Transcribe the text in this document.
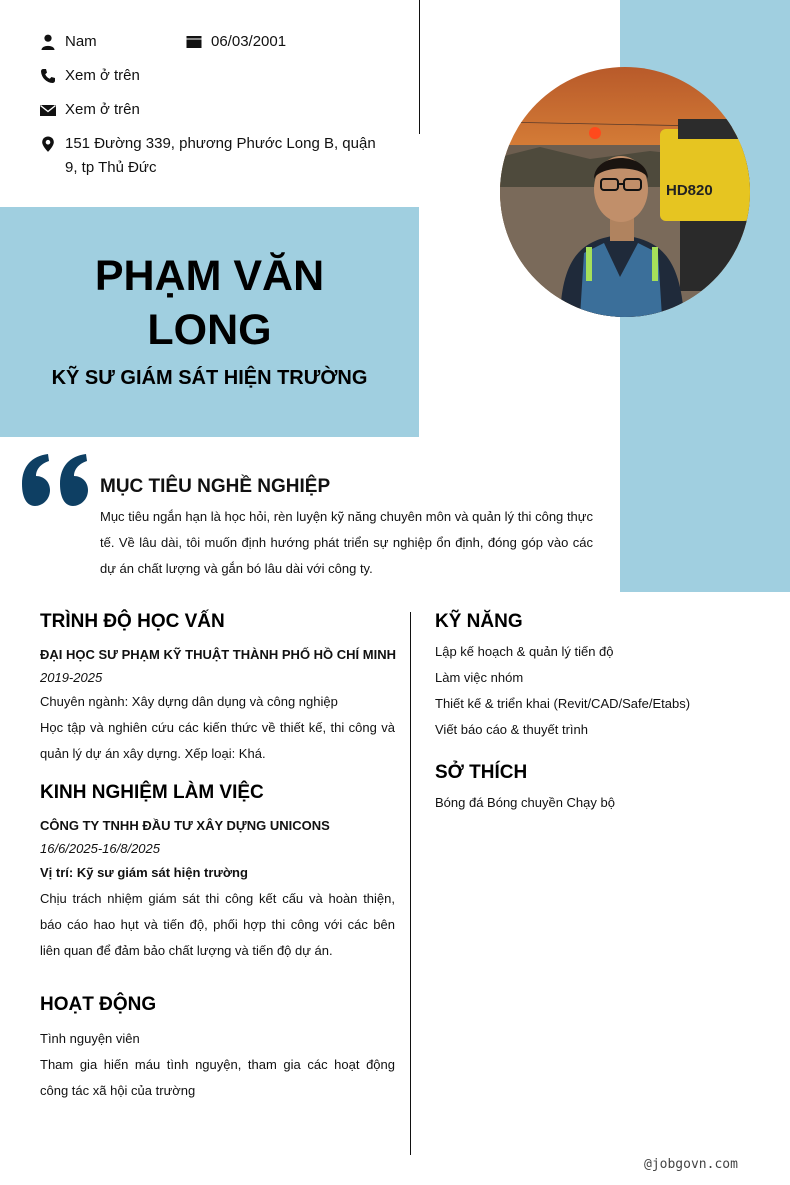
PHẠM VĂN
LONG
KỸ SƯ GIÁM SÁT HIỆN TRƯỜNG
Nam	06/03/2001
Xem ở trên
Xem ở trên
151 Đường 339, phương Phước Long B, quận 9, tp Thủ Đức
HD820
MỤC TIÊU NGHỀ NGHIỆP
Mục tiêu ngắn hạn là học hỏi, rèn luyện kỹ năng chuyên môn và quản lý thi công thực tế. Về lâu dài, tôi muốn định hướng phát triển sự nghiệp ổn định, đóng góp vào các dự án chất lượng và gắn bó lâu dài với công ty.
TRÌNH ĐỘ HỌC VẤN
ĐẠI HỌC SƯ PHẠM KỸ THUẬT THÀNH PHỐ HỒ CHÍ MINH
2019-2025
Chuyên ngành: Xây dựng dân dụng và công nghiệp
Học tập và nghiên cứu các kiến thức về thiết kế, thi công và quản lý dự án xây dựng. Xếp loại: Khá.
KINH NGHIỆM LÀM VIỆC
CÔNG TY TNHH ĐẦU TƯ XÂY DỰNG UNICONS
16/6/2025-16/8/2025
Vị trí: Kỹ sư giám sát hiện trường
Chịu trách nhiệm giám sát thi công kết cấu và hoàn thiện, báo cáo hao hụt và tiến độ, phối hợp thi công với các bên liên quan để đảm bảo chất lượng và tiến độ dự án.
HOẠT ĐỘNG
Tình nguyện viên
Tham gia hiến máu tình nguyện, tham gia các hoạt động công tác xã hội của trường
KỸ NĂNG
Lập kế hoạch & quản lý tiến độ
Làm việc nhóm
Thiết kế & triển khai (Revit/CAD/Safe/Etabs)
Viết báo cáo & thuyết trình
SỞ THÍCH
Bóng đá Bóng chuyền Chạy bộ
@jobgovn.com
